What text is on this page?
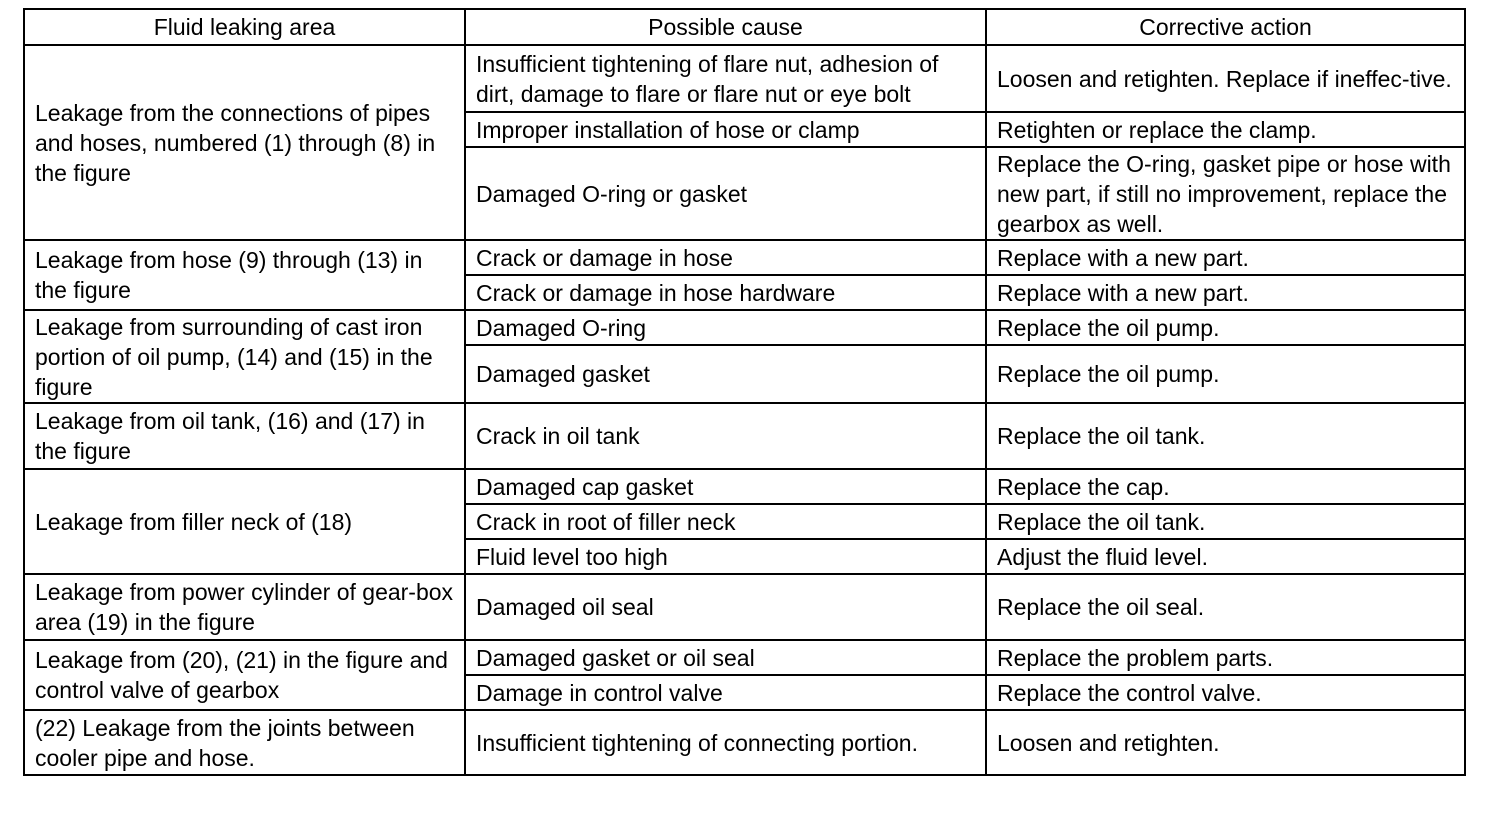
Fluid leaking area	Possible cause	Corrective action
Leakage from the connections of pipes and hoses, numbered (1) through (8) in the figure	Insufficient tightening of flare nut, adhesion of dirt, damage to flare or flare nut or eye bolt	Loosen and retighten. Replace if ineffec-tive.
	Improper installation of hose or clamp	Retighten or replace the clamp.
	Damaged O-ring or gasket	Replace the O-ring, gasket pipe or hose with new part, if still no improvement, replace the gearbox as well.
Leakage from hose (9) through (13) in the figure	Crack or damage in hose	Replace with a new part.
	Crack or damage in hose hardware	Replace with a new part.
Leakage from surrounding of cast iron portion of oil pump, (14) and (15) in the figure	Damaged O-ring	Replace the oil pump.
	Damaged gasket	Replace the oil pump.
Leakage from oil tank, (16) and (17) in the figure	Crack in oil tank	Replace the oil tank.
Leakage from filler neck of (18)	Damaged cap gasket	Replace the cap.
	Crack in root of filler neck	Replace the oil tank.
	Fluid level too high	Adjust the fluid level.
Leakage from power cylinder of gear-box area (19) in the figure	Damaged oil seal	Replace the oil seal.
Leakage from (20), (21) in the figure and control valve of gearbox	Damaged gasket or oil seal	Replace the problem parts.
	Damage in control valve	Replace the control valve.
(22) Leakage from the joints between cooler pipe and hose.	Insufficient tightening of connecting portion.	Loosen and retighten.
